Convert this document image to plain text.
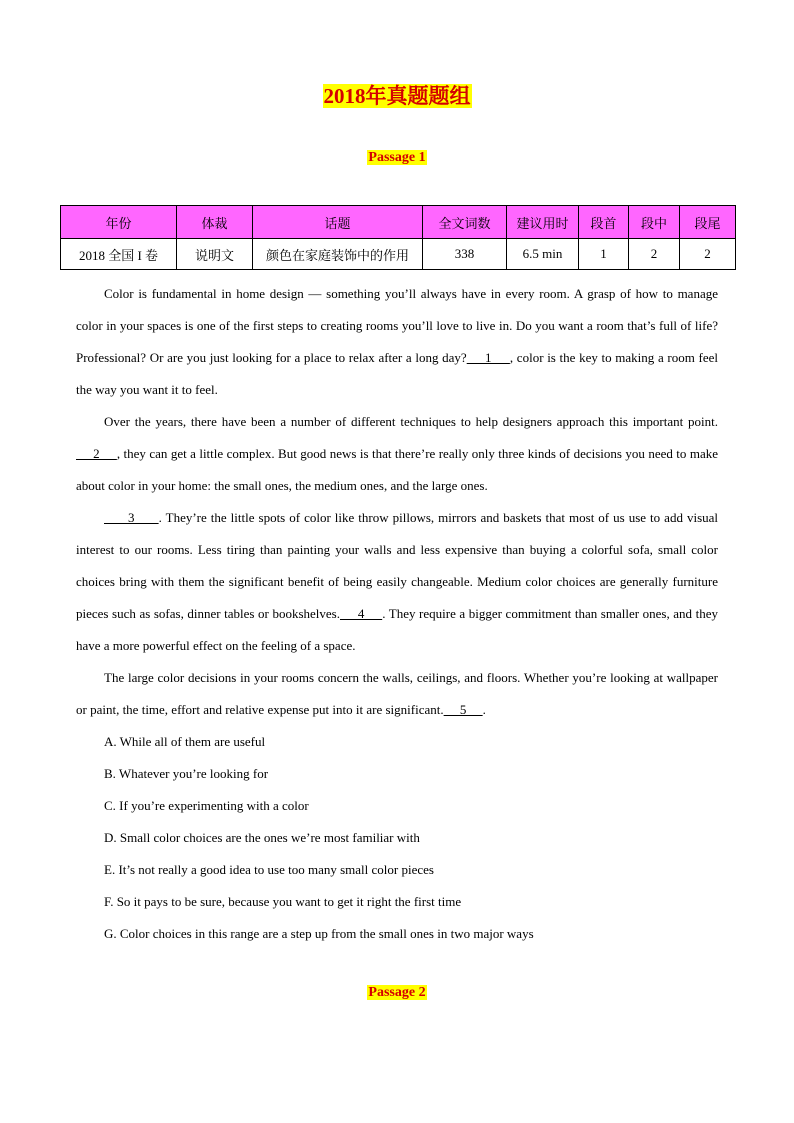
2018年真题题组
Passage 1
年份	体裁	话题	全文词数	建议用时	段首	段中	段尾
2018 全国 I 卷	说明文	颜色在家庭装饰中的作用	338	6.5 min	1	2	2

Color is fundamental in home design — something you’ll always have in every room. A grasp of how to manage color in your spaces is one of the first steps to creating rooms you’ll love to live in. Do you want a room that’s full of life? Professional? Or are you just looking for a place to relax after a long day?     1     , color is the key to making a room feel the way you want it to feel.

Over the years, there have been a number of different techniques to help designers approach this important point.     2     , they can get a little complex. But good news is that there’re really only three kinds of decisions you need to make about color in your home: the small ones, the medium ones, and the large ones.

3      . They’re the little spots of color like throw pillows, mirrors and baskets that most of us use to add visual interest to our rooms. Less tiring than painting your walls and less expensive than buying a colorful sofa, small color choices bring with them the significant benefit of being easily changeable. Medium color choices are generally furniture pieces such as sofas, dinner tables or bookshelves.     4     . They require a bigger commitment than smaller ones, and they have a more powerful effect on the feeling of a space.

The large color decisions in your rooms concern the walls, ceilings, and floors. Whether you’re looking at wallpaper or paint, the time, effort and relative expense put into it are significant.     5     .

A. While all of them are useful
B. Whatever you’re looking for
C. If you’re experimenting with a color
D. Small color choices are the ones we’re most familiar with
E. It’s not really a good idea to use too many small color pieces
F. So it pays to be sure, because you want to get it right the first time
G. Color choices in this range are a step up from the small ones in two major ways
Passage 2
